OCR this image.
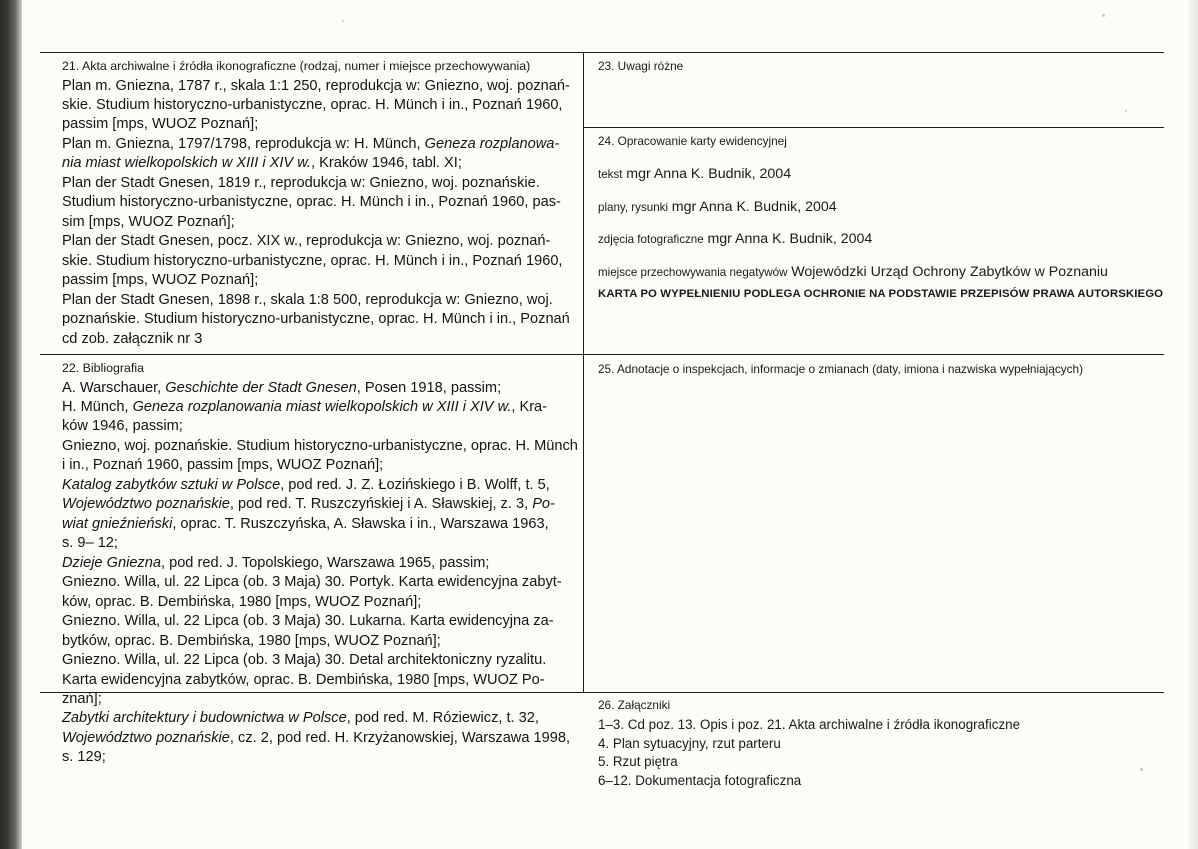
21. Akta archiwalne i źródła ikonograficzne (rodzaj, numer i miejsce przechowywania)

Plan m. Gniezna, 1787 r., skala 1:1 250, reprodukcja w: Gniezno, woj. poznań-

skie. Studium historyczno-urbanistyczne, oprac. H. Münch i in., Poznań 1960,

passim [mps, WUOZ Poznań];

Plan m. Gniezna, 1797/1798, reprodukcja w: H. Münch, Geneza rozplanowa-

nia miast wielkopolskich w XIII i XIV w., Kraków 1946, tabl. XI;

Plan der Stadt Gnesen, 1819 r., reprodukcja w: Gniezno, woj. poznańskie.

Studium historyczno-urbanistyczne, oprac. H. Münch i in., Poznań 1960, pas-

sim [mps, WUOZ Poznań];

Plan der Stadt Gnesen, pocz. XIX w., reprodukcja w: Gniezno, woj. poznań-

skie. Studium historyczno-urbanistyczne, oprac. H. Münch i in., Poznań 1960,

passim [mps, WUOZ Poznań];

Plan der Stadt Gnesen, 1898 r., skala 1:8 500, reprodukcja w: Gniezno, woj.

poznańskie. Studium historyczno-urbanistyczne, oprac. H. Münch i in., Poznań

cd zob. załącznik nr 3

22. Bibliografia

A. Warschauer, Geschichte der Stadt Gnesen, Posen 1918, passim;

H. Münch, Geneza rozplanowania miast wielkopolskich w XIII i XIV w., Kra-

ków 1946, passim;

Gniezno, woj. poznańskie. Studium historyczno-urbanistyczne, oprac. H. Münch

i in., Poznań 1960, passim [mps, WUOZ Poznań];

Katalog zabytków sztuki w Polsce, pod red. J. Z. Łozińskiego i B. Wolff, t. 5,

Województwo poznańskie, pod red. T. Ruszczyńskiej i A. Sławskiej, z. 3, Po-

wiat gnieźnieński, oprac. T. Ruszczyńska, A. Sławska i in., Warszawa 1963,

s. 9– 12;

Dzieje Gniezna, pod red. J. Topolskiego, Warszawa 1965, passim;

Gniezno. Willa, ul. 22 Lipca (ob. 3 Maja) 30. Portyk. Karta ewidencyjna zabyt-

ków, oprac. B. Dembińska, 1980 [mps, WUOZ Poznań];

Gniezno. Willa, ul. 22 Lipca (ob. 3 Maja) 30. Lukarna. Karta ewidencyjna za-

bytków, oprac. B. Dembińska, 1980 [mps, WUOZ Poznań];

Gniezno. Willa, ul. 22 Lipca (ob. 3 Maja) 30. Detal architektoniczny ryzalitu.

Karta ewidencyjna zabytków, oprac. B. Dembińska, 1980 [mps, WUOZ Po-

znań];

Zabytki architektury i budownictwa w Polsce, pod red. M. Róziewicz, t. 32,

Województwo poznańskie, cz. 2, pod red. H. Krzyżanowskiej, Warszawa 1998,

s. 129;

23. Uwagi różne
24. Opracowanie karty ewidencyjnej

tekst mgr Anna K. Budnik, 2004

plany, rysunki mgr Anna K. Budnik, 2004

zdjęcia fotograficzne mgr Anna K. Budnik, 2004

miejsce przechowywania negatywów Wojewódzki Urząd Ochrony Zabytków w Poznaniu

KARTA PO WYPEŁNIENIU PODLEGA OCHRONIE NA PODSTAWIE PRZEPISÓW PRAWA AUTORSKIEGO
25. Adnotacje o inspekcjach, informacje o zmianach (daty, imiona i nazwiska wypełniających)
26. Załączniki

1–3. Cd poz. 13. Opis i poz. 21. Akta archiwalne i źródła ikonograficzne

4. Plan sytuacyjny, rzut parteru

5. Rzut piętra

6–12. Dokumentacja fotograficzna
